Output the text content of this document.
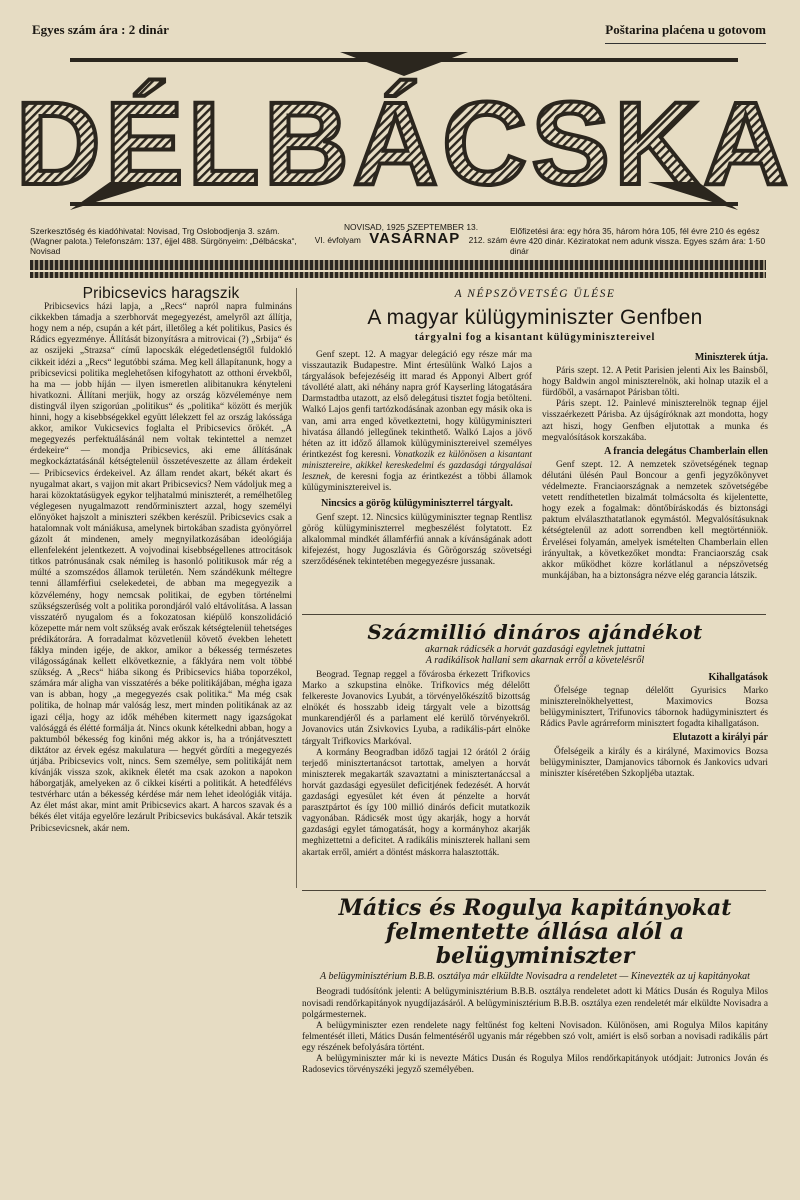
Egyes szám ára : 2 dinár	Poštarina plaćena u gotovom
DÉLBÁCSKA
Szerkesztőség és kiadóhivatal: Novisad, Trg Oslobodjenja 3. szám. (Wagner palota.) Telefonszám: 137, éjjel 488. Sürgönyeim: „Délbácska“, Novisad
NOVISAD, 1925 SZEPTEMBER 13.
VI. évfolyam VASÁRNAP 212. szám
Előfizetési ára: egy hóra 35, három hóra 105, fél évre 210 és egész évre 420 dinár. Kéziratokat nem adunk vissza. Egyes szám ára: 1·50 dinár
Pribicsevics haragszik

Pribicsevics házi lapja, a „Recs“ napról napra fulmináns cikkekben támadja a szerbhorvát megegyezést, amelyről azt állítja, hogy nem a nép, csupán a két párt, illetőleg a két politikus, Pasics és Rádics egyezménye. Állítását bizonyításra a mitrovicai (?) „Srbija“ és az oszijeki „Strazsa“ című lapocskák elégedetlenségtől fuldokló cikkeit idézi a „Recs“ legutóbbi száma. Meg kell állapítanunk, hogy a pribicsevicsi politika meglehetősen kifogyhatott az otthoni érvekből, ha ma — jobb híján — ilyen ismeretlen alibitanukra kényteleni hivatkozni. Állítani merjük, hogy az ország közvéleménye nem distingvál ilyen szigorúan „politikus“ és „politika“ között és merjük hinni, hogy a kisebbségekkel együtt lélekzett fel az ország lakóssága akkor, amikor Vukicsevics foglalta el Pribicsevics őrökét. „A megegyezés perfektuálásánál nem voltak tekintettel a nemzet érdekeire“ — mondja Pribicsevics, aki eme állításának megkockáztatásánál kétségtelenül összetéveszette az állam érdekeit — Pribicsevics érdekeivel. Az állam rendet akart, békét akart és nyugalmat akart, s vajjon mit akart Pribicsevics? Nem vádoljuk meg a harai közoktatásügyek egykor teljhatalmú miniszterét, a remélhetőleg véglegesen nyugalmazott rendőrminisztert azzal, hogy személyi előnyöket hajszolt a miniszteri székben kerészül. Pribicsevics csak a hatalomnak volt mániákusa, amelynek birtokában szadista gyönyörrel gázolt át mindenen, amely megnyilatkozásában ideológiája ellenfeleként jelentkezett. A vojvodinai kisebbségellenes attrocitások titkos patrónusának csak némileg is hasonló politikusok már rég a múlté a szomszédos államok területén. Nem szándékunk méltegre tenni államférfiui cselekedetei, de abban ma megegyezik a közvélemény, hogy nemcsak politikai, de egyben történelmi szükségszerűség volt a politika porondjáról való eltávolítása. A lassan visszatérő nyugalom és a fokozatosan kiépülő konszolidáció közepette már nem volt szükség avak erőszak kétségtelenül tehetséges prédikátorára. A forradalmat közvetlenül követő években lehetett fáklya minden igéje, de akkor, amikor a békesség természetes világosságának kellett elkövetkeznie, a fáklyára nem volt többé szükség. A „Recs“ hiába sikong és Pribicsevics hiába toporzékol, számára már aligha van visszatérés a béke politikájában, mégha igaza van is abban, hogy „a megegyezés csak politika.“ Ma még csak politika, de holnap már valóság lesz, mert minden politikának az az igazi célja, hogy az idők méhében kitermett nagy igazságokat valósággá és élétté formálja át. Nincs okunk kételkedni abban, hogy a paktumból békesség fog kinőni még akkor is, ha a trónjátvesztett diktátor az érvek egész makulatura — hegyét gördíti a megegyezés útjába. Pribicsevics volt, nincs. Sem személye, sem politikáját nem kívánják vissza szok, akiknek életét ma csak azokon a napokon háborgatják, amelyeken az ő cikkei kísérti a politikát. A hetedfélévs testvérharc után a békesség kérdése már nem lehet ideológiák vitája. Az élet mást akar, mint amit Pribicsevics akart. A harcos szavak és a békés élet vitája egyelőre lezárult Pribicsevics bukásával. Akár tetszik Pribicsevicsnek, akár nem.

A NÉPSZÖVETSÉG ÜLÉSE
A magyar külügyminiszter Genfben
tárgyalni fog a kisantant külügyminisztereivel

Genf szept. 12. A magyar delegáció egy része már ma visszautazik Budapestre. Mint értesülünk Walkó Lajos a tárgyalások befejezéséig itt marad és Apponyi Albert gróf távollété alatt, aki néhány napra gróf Kayserling látogatására Darmstadtba utazott, az első delegátusi tisztet fogja betölteni. Walkó Lajos genfi tartózkodásának azonban egy másik oka is van, ami arra enged következtetni, hogy külügyminiszteri hivatása állandó jellegűnek tekinthető. Walkó Lajos a jövő héten az itt időző államok külügyminisztereivel személyes érintkezést fog keresni. Vonatkozik ez különösen a kisantant minisztereire, akikkel kereskedelmi és gazdasági tárgyalásai lesznek, de keresni fogja az érintkezést a többi államok külügyminisztereivel is.

Nincsics a görög külügyminiszterrel tárgyalt.

Genf szept. 12. Nincsics külügyminiszter tegnap Rentlisz görög külügyminiszterrel megbeszélést folytatott. Ez alkalommal mindkét államférfiú annak a kívánságának adott kifejezést, hogy Jugoszlávia és Görögország szövetségi szerződésének tekintetében megegyezésre jussanak.

Miniszterek útja.

Páris szept. 12. A Petit Parisien jelenti Aix les Bainsből, hogy Baldwin angol miniszterelnök, aki holnap utazik el a fürdőből, a vasárnapot Párisban tölti.

Páris szept. 12. Painlevé miniszterelnök tegnap éjjel visszaérkezett Párisba. Az újságíróknak azt mondotta, hogy azt hiszi, hogy Genfben eljutottak a munka és megvalósítások korszakába.

A francia delegátus Chamberlain ellen

Genf szept. 12. A nemzetek szövetségének tegnap délutáni ülésén Paul Boncour a genfi jegyzőkönyvet védelmezte. Franciaországnak a nemzetek szövetségébe vetett rendíthetetlen bizalmát tolmácsolta és kijelentette, hogy ezek a fogalmak: döntőbíráskodás és biztonsági paktum elválaszthatatlanok egymástól. Megvalósításuknak kétségtelenül az adott sorrendben kell megtörténniök. Érvelései folyamán, amelyek ismételten Chamberlain ellen irányultak, a következőket mondta: Franciaország csak akkor működhet közre korlátlanul a népszövetség munkájában, ha a biztonságra nézve elég garancia látszik.

Százmillió dináros ajándékot
akarnak rádicsék a horvát gazdasági egyletnek juttatni
A radikálisok hallani sem akarnak erről a követelésről

Beograd. Tegnap reggel a fővárosba érkezett Trifkovics Marko a szkupstina elnöke. Trifkovics még délelőtt felkereste Jovanovics Lyubát, a törvényelőkészítő bizottság elnökét és hosszabb ideig tárgyalt vele a bizottság munkarendjéről és a parlament elé kerülő törvényekről. Jovanovics után Zsivkovics Lyuba, a radikális-párt elnöke tárgyalt Trifkovics Markóval.

A kormány Beogradban időző tagjai 12 órától 2 óráig terjedő minisztertanácsot tartottak, amelyen a horvát miniszterek megakarták szavaztatni a minisztertanáccsal a horvát gazdasági egyesület deficitjének fedezését. A horvát gazdasági egyesület két éven át pénzelte a horvát parasztpártot és így 100 millió dinárós deficit mutatkozik vagyonában. Rádicsék most úgy akarják, hogy a horvát gazdasági egylet támogatását, hogy a kormányhoz akarják meghizettetni a deficitet. A radikális miniszterek hallani sem akartak erről, amiért a döntést máskorra halasztották.

Kihallgatások

Őfelsége tegnap délelőtt Gyurisics Marko miniszterelnökhelyettest, Maximovics Bozsa belügyminisztert, Trifunovics tábornok hadügyminisztert és Rádics Pavle agrárreform minisztert fogadta kihallgatáson.

Elutazott a királyi pár

Őfelségeik a király és a királyné, Maximovics Bozsa belügyminiszter, Damjanovics tábornok és Jankovics udvari miniszter kíséretében Szkopljéba utaztak.

Mátics és Rogulya kapitányokat felmentette állása alól a belügyminiszter
A belügyminisztérium B.B.B. osztálya már elküldte Novisadra a rendeletet — Kinevezték az uj kapitányokat

Beogradi tudósítónk jelenti: A belügyminisztérium B.B.B. osztálya rendeletet adott ki Mátics Dusán és Rogulya Milos novisadi rendőrkapitányok nyugdíjazásáról. A belügyminisztérium B.B.B. osztálya ezen rendeletét már elküldte Novisadra a polgármesternek.

A belügyminiszter ezen rendelete nagy feltűnést fog kelteni Novisadon. Különösen, ami Rogulya Milos kapitány felmentését illeti, Mátics Dusán felmentéséről ugyanis már régebben szó volt, amiért is első sorban a novisadi radikális párt egy részének befolyására történt.

A belügyminiszter már ki is nevezte Mátics Dusán és Rogulya Milos rendőrkapitányok utódjait: Jutronics Jován és Radosevics törvényszéki jegyző személyében.
